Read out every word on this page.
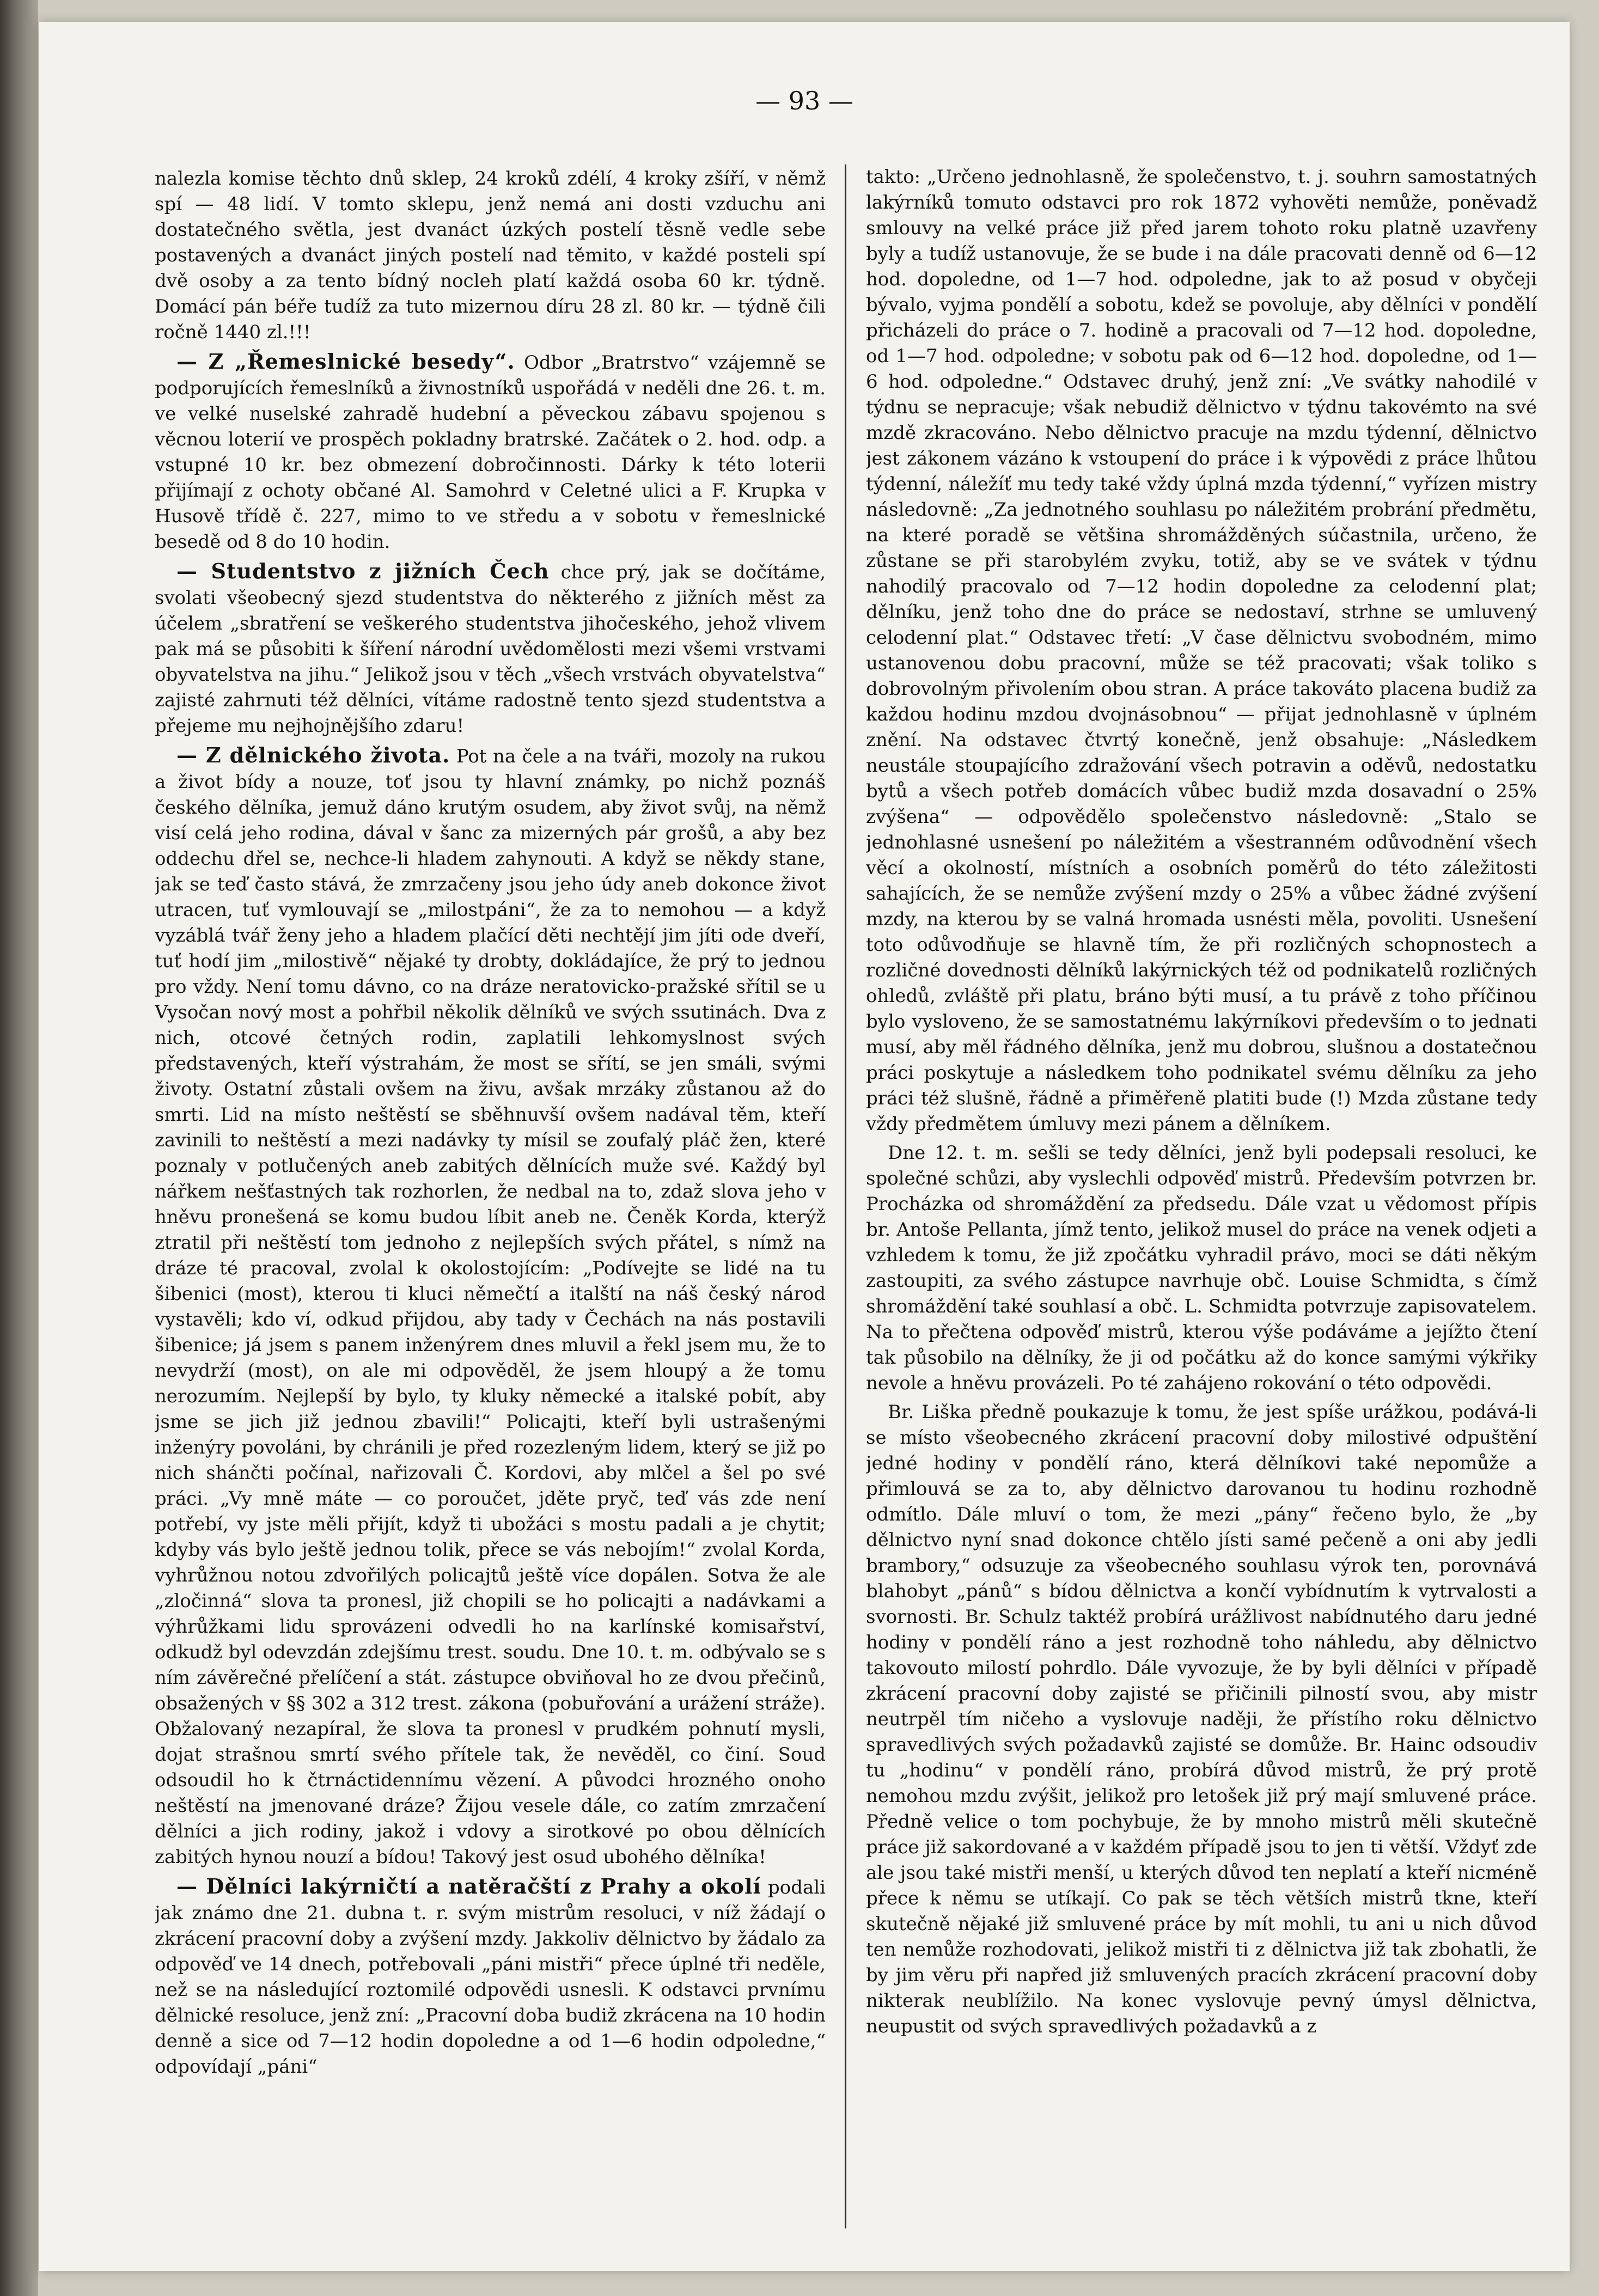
— 93 —

nalezla komise těchto dnů sklep, 24 kroků zdélí, 4 kroky zšíří, v němž spí — 48 lidí. V tomto sklepu, jenž nemá ani dosti vzduchu ani dostatečného světla, jest dvanáct úzkých postelí těsně vedle sebe postavených a dvanáct jiných postelí nad těmito, v každé posteli spí dvě osoby a za tento bídný nocleh platí každá osoba 60 kr. týdně. Domácí pán béře tudíž za tuto mizernou díru 28 zl. 80 kr. — týdně čili ročně 1440 zl.!!!

— Z „Řemeslnické besedy“. Odbor „Bratrstvo“ vzájemně se podporujících řemeslníků a živnostníků uspořádá v neděli dne 26. t. m. ve velké nuselské zahradě hudební a pěveckou zábavu spojenou s věcnou loterií ve prospěch pokladny bratrské. Začátek o 2. hod. odp. a vstupné 10 kr. bez obmezení dobročinnosti. Dárky k této loterii přijímají z ochoty občané Al. Samohrd v Celetné ulici a F. Krupka v Husově třídě č. 227, mimo to ve středu a v sobotu v řemeslnické besedě od 8 do 10 hodin.

— Studentstvo z jižních Čech chce prý, jak se dočítáme, svolati všeobecný sjezd studentstva do některého z jižních měst za účelem „sbratření se veškerého studentstva jihočeského, jehož vlivem pak má se působiti k šíření národní uvědomělosti mezi všemi vrstvami obyvatelstva na jihu.“ Jelikož jsou v těch „všech vrstvách obyvatelstva“ zajisté zahrnuti též dělníci, vítáme radostně tento sjezd studentstva a přejeme mu nejhojnějšího zdaru!

— Z dělnického života. Pot na čele a na tváři, mozoly na rukou a život bídy a nouze, toť jsou ty hlavní známky, po nichž poznáš českého dělníka, jemuž dáno krutým osudem, aby život svůj, na němž visí celá jeho rodina, dával v šanc za mizerných pár grošů, a aby bez oddechu dřel se, nechce-li hladem zahynouti. A když se někdy stane, jak se teď často stává, že zmrzačeny jsou jeho údy aneb dokonce život utracen, tuť vymlouvají se „milostpáni“, že za to nemohou — a když vyzáblá tvář ženy jeho a hladem plačící děti nechtějí jim jíti ode dveří, tuť hodí jim „milostivě“ nějaké ty drobty, dokládajíce, že prý to jednou pro vždy. Není tomu dávno, co na dráze neratovicko-pražské sřítil se u Vysočan nový most a pohřbil několik dělníků ve svých ssutinách. Dva z nich, otcové četných rodin, zaplatili lehkomyslnost svých představených, kteří výstrahám, že most se sřítí, se jen smáli, svými životy. Ostatní zůstali ovšem na živu, avšak mrzáky zůstanou až do smrti. Lid na místo neštěstí se sběhnuvší ovšem nadával těm, kteří zavinili to neštěstí a mezi nadávky ty mísil se zoufalý pláč žen, které poznaly v potlučených aneb zabitých dělnících muže své. Každý byl nářkem nešťastných tak rozhorlen, že nedbal na to, zdaž slova jeho v hněvu pronešená se komu budou líbit aneb ne. Čeněk Korda, kterýž ztratil při neštěstí tom jednoho z nejlepších svých přátel, s nímž na dráze té pracoval, zvolal k okolostojícím: „Podívejte se lidé na tu šibenici (most), kterou ti kluci němečtí a italští na náš český národ vystavěli; kdo ví, odkud přijdou, aby tady v Čechách na nás postavili šibenice; já jsem s panem inženýrem dnes mluvil a řekl jsem mu, že to nevydrží (most), on ale mi odpověděl, že jsem hloupý a že tomu nerozumím. Nejlepší by bylo, ty kluky německé a italské pobít, aby jsme se jich již jednou zbavili!“ Policajti, kteří byli ustrašenými inženýry povoláni, by chránili je před rozezleným lidem, který se již po nich shánčti počínal, nařizovali Č. Kordovi, aby mlčel a šel po své práci. „Vy mně máte — co poroučet, jděte pryč, teď vás zde není potřebí, vy jste měli přijít, když ti ubožáci s mostu padali a je chytit; kdyby vás bylo ještě jednou tolik, přece se vás nebojím!“ zvolal Korda, vyhrůžnou notou zdvořilých policajtů ještě více dopálen. Sotva že ale „zločinná“ slova ta pronesl, již chopili se ho policajti a nadávkami a výhrůžkami lidu sprovázeni odvedli ho na karlínské komisařství, odkudž byl odevzdán zdejšímu trest. soudu. Dne 10. t. m. odbývalo se s ním závěrečné přelíčení a stát. zástupce obviňoval ho ze dvou přečinů, obsažených v §§ 302 a 312 trest. zákona (pobuřování a urážení stráže). Obžalovaný nezapíral, že slova ta pronesl v prudkém pohnutí mysli, dojat strašnou smrtí svého přítele tak, že nevěděl, co činí. Soud odsoudil ho k čtrnáctidennímu vězení. A původci hrozného onoho neštěstí na jmenované dráze? Žijou vesele dále, co zatím zmrzačení dělníci a jich rodiny, jakož i vdovy a sirotkové po obou dělnících zabitých hynou nouzí a bídou! Takový jest osud ubohého dělníka!

— Dělníci lakýrničtí a natěračští z Prahy a okolí podali jak známo dne 21. dubna t. r. svým mistrům resoluci, v níž žádají o zkrácení pracovní doby a zvýšení mzdy. Jakkoliv dělnictvo by žádalo za odpověď ve 14 dnech, potřebovali „páni mistři“ přece úplné tři neděle, než se na následující roztomilé odpovědi usnesli. K odstavci prvnímu dělnické resoluce, jenž zní: „Pracovní doba budiž zkrácena na 10 hodin denně a sice od 7—12 hodin dopoledne a od 1—6 hodin odpoledne,“ odpovídají „páni“

takto: „Určeno jednohlasně, že společenstvo, t. j. souhrn samostatných lakýrníků tomuto odstavci pro rok 1872 vyhověti nemůže, poněvadž smlouvy na velké práce již před jarem tohoto roku platně uzavřeny byly a tudíž ustanovuje, že se bude i na dále pracovati denně od 6—12 hod. dopoledne, od 1—7 hod. odpoledne, jak to až posud v obyčeji bývalo, vyjma pondělí a sobotu, kdež se povoluje, aby dělníci v pondělí přicházeli do práce o 7. hodině a pracovali od 7—12 hod. dopoledne, od 1—7 hod. odpoledne; v sobotu pak od 6—12 hod. dopoledne, od 1—6 hod. odpoledne.“ Odstavec druhý, jenž zní: „Ve svátky nahodilé v týdnu se nepracuje; však nebudiž dělnictvo v týdnu takovémto na své mzdě zkracováno. Nebo dělnictvo pracuje na mzdu týdenní, dělnictvo jest zákonem vázáno k vstoupení do práce i k výpovědi z práce lhůtou týdenní, náležíť mu tedy také vždy úplná mzda týdenní,“ vyřízen mistry následovně: „Za jednotného souhlasu po náležitém probrání předmětu, na které poradě se většina shromážděných súčastnila, určeno, že zůstane se při starobylém zvyku, totiž, aby se ve svátek v týdnu nahodilý pracovalo od 7—12 hodin dopoledne za celodenní plat; dělníku, jenž toho dne do práce se nedostaví, strhne se umluvený celodenní plat.“ Odstavec třetí: „V čase dělnictvu svobodném, mimo ustanovenou dobu pracovní, může se též pracovati; však toliko s dobrovolným přivolením obou stran. A práce takováto placena budiž za každou hodinu mzdou dvojnásobnou“ — přijat jednohlasně v úplném znění. Na odstavec čtvrtý konečně, jenž obsahuje: „Následkem neustále stoupajícího zdražování všech potravin a oděvů, nedostatku bytů a všech potřeb domácích vůbec budiž mzda dosavadní o 25% zvýšena“ — odpovědělo společenstvo následovně: „Stalo se jednohlasné usnešení po náležitém a všestranném odůvodnění všech věcí a okolností, místních a osobních poměrů do této záležitosti sahajících, že se nemůže zvýšení mzdy o 25% a vůbec žádné zvýšení mzdy, na kterou by se valná hromada usnésti měla, povoliti. Usnešení toto odůvodňuje se hlavně tím, že při rozličných schopnostech a rozličné dovednosti dělníků lakýrnických též od podnikatelů rozličných ohledů, zvláště při platu, bráno býti musí, a tu právě z toho příčinou bylo vysloveno, že se samostatnému lakýrníkovi především o to jednati musí, aby měl řádného dělníka, jenž mu dobrou, slušnou a dostatečnou práci poskytuje a následkem toho podnikatel svému dělníku za jeho práci též slušně, řádně a přiměřeně platiti bude (!) Mzda zůstane tedy vždy předmětem úmluvy mezi pánem a dělníkem.

Dne 12. t. m. sešli se tedy dělníci, jenž byli podepsali resoluci, ke společné schůzi, aby vyslechli odpověď mistrů. Především potvrzen br. Procházka od shromáždění za předsedu. Dále vzat u vědomost přípis br. Antoše Pellanta, jímž tento, jelikož musel do práce na venek odjeti a vzhledem k tomu, že již zpočátku vyhradil právo, moci se dáti někým zastoupiti, za svého zástupce navrhuje obč. Louise Schmidta, s čímž shromáždění také souhlasí a obč. L. Schmidta potvrzuje zapisovatelem. Na to přečtena odpověď mistrů, kterou výše podáváme a jejížto čtení tak působilo na dělníky, že ji od počátku až do konce samými výkřiky nevole a hněvu provázeli. Po té zahájeno rokování o této odpovědi.

Br. Liška předně poukazuje k tomu, že jest spíše urážkou, podává-li se místo všeobecného zkrácení pracovní doby milostivé odpuštění jedné hodiny v pondělí ráno, která dělníkovi také nepomůže a přimlouvá se za to, aby dělnictvo darovanou tu hodinu rozhodně odmítlo. Dále mluví o tom, že mezi „pány“ řečeno bylo, že „by dělnictvo nyní snad dokonce chtělo jísti samé pečeně a oni aby jedli brambory,“ odsuzuje za všeobecného souhlasu výrok ten, porovnává blahobyt „pánů“ s bídou dělnictva a končí vybídnutím k vytrvalosti a svornosti. Br. Schulz taktéž probírá urážlivost nabídnutého daru jedné hodiny v pondělí ráno a jest rozhodně toho náhledu, aby dělnictvo takovouto milostí pohrdlo. Dále vyvozuje, že by byli dělníci v případě zkrácení pracovní doby zajisté se přičinili pilností svou, aby mistr neutrpěl tím ničeho a vyslovuje naději, že přístího roku dělnictvo spravedlivých svých požadavků zajisté se domůže. Br. Hainc odsoudiv tu „hodinu“ v pondělí ráno, probírá důvod mistrů, že prý protě nemohou mzdu zvýšit, jelikož pro letošek již prý mají smluvené práce. Předně velice o tom pochybuje, že by mnoho mistrů měli skutečně práce již sakordované a v každém případě jsou to jen ti větší. Vždyť zde ale jsou také mistři menší, u kterých důvod ten neplatí a kteří nicméně přece k němu se utíkají. Co pak se těch větších mistrů tkne, kteří skutečně nějaké již smluvené práce by mít mohli, tu ani u nich důvod ten nemůže rozhodovati, jelikož mistři ti z dělnictva již tak zbohatli, že by jim věru při napřed již smluvených pracích zkrácení pracovní doby nikterak neublížilo. Na konec vyslovuje pevný úmysl dělnictva, neupustit od svých spravedlivých požadavků a z
